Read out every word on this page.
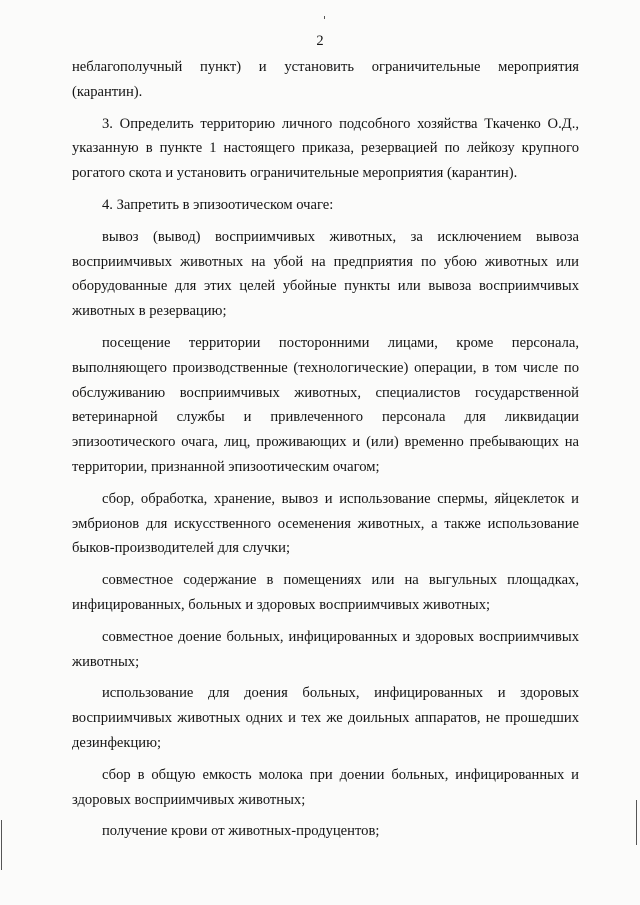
2

неблагополучный пункт) и установить ограничительные мероприятия (карантин).

3. Определить территорию личного подсобного хозяйства Ткаченко О.Д., указанную в пункте 1 настоящего приказа, резервацией по лейкозу крупного рогатого скота и установить ограничительные мероприятия (карантин).

4. Запретить в эпизоотическом очаге:

вывоз (вывод) восприимчивых животных, за исключением вывоза восприимчивых животных на убой на предприятия по убою животных или оборудованные для этих целей убойные пункты или вывоза восприимчивых животных в резервацию;

посещение территории посторонними лицами, кроме персонала, выполняющего производственные (технологические) операции, в том числе по обслуживанию восприимчивых животных, специалистов государственной ветеринарной службы и привлеченного персонала для ликвидации эпизоотического очага, лиц, проживающих и (или) временно пребывающих на территории, признанной эпизоотическим очагом;

сбор, обработка, хранение, вывоз и использование спермы, яйцеклеток и эмбрионов для искусственного осеменения животных, а также использование быков-производителей для случки;

совместное содержание в помещениях или на выгульных площадках, инфицированных, больных и здоровых восприимчивых животных;

совместное доение больных, инфицированных и здоровых восприимчивых животных;

использование для доения больных, инфицированных и здоровых восприимчивых животных одних и тех же доильных аппаратов, не прошедших дезинфекцию;

сбор в общую емкость молока при доении больных, инфицированных и здоровых восприимчивых животных;

получение крови от животных-продуцентов;
